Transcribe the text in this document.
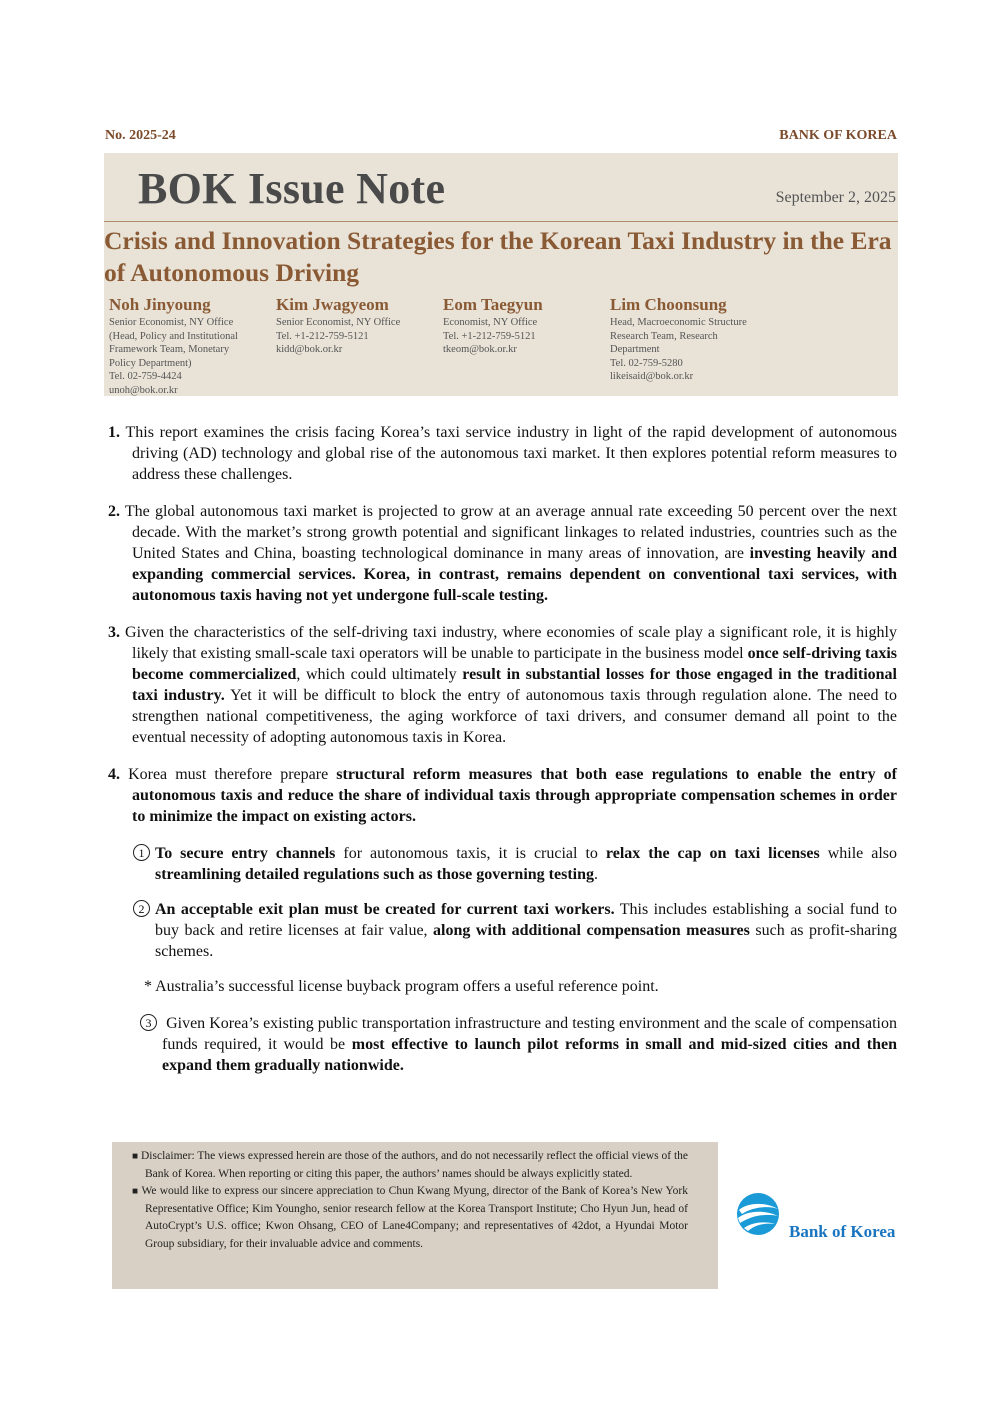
No. 2025-24	BANK OF KOREA
BOK Issue Note	September 2, 2025
Crisis and Innovation Strategies for the Korean Taxi Industry in the Era of Autonomous Driving
Noh Jinyoung
Senior Economist, NY Office
(Head, Policy and Institutional
Framework Team, Monetary
Policy Department)
Tel. 02-759-4424
unoh@bok.or.kr
Kim Jwagyeom
Senior Economist, NY Office
Tel. +1-212-759-5121
kidd@bok.or.kr
Eom Taegyun
Economist, NY Office
Tel. +1-212-759-5121
tkeom@bok.or.kr
Lim Choonsung
Head, Macroeconomic Structure
Research Team, Research
Department
Tel. 02-759-5280
likeisaid@bok.or.kr

1. This report examines the crisis facing Korea’s taxi service industry in light of the rapid development of autonomous driving (AD) technology and global rise of the autonomous taxi market. It then explores potential reform measures to address these challenges.

2. The global autonomous taxi market is projected to grow at an average annual rate exceeding 50 percent over the next decade. With the market’s strong growth potential and significant linkages to related industries, countries such as the United States and China, boasting technological dominance in many areas of innovation, are investing heavily and expanding commercial services. Korea, in contrast, remains dependent on conventional taxi services, with autonomous taxis having not yet undergone full-scale testing.

3. Given the characteristics of the self-driving taxi industry, where economies of scale play a significant role, it is highly likely that existing small-scale taxi operators will be unable to participate in the business model once self-driving taxis become commercialized, which could ultimately result in substantial losses for those engaged in the traditional taxi industry. Yet it will be difficult to block the entry of autonomous taxis through regulation alone. The need to strengthen national competitiveness, the aging workforce of taxi drivers, and consumer demand all point to the eventual necessity of adopting autonomous taxis in Korea.

4. Korea must therefore prepare structural reform measures that both ease regulations to enable the entry of autonomous taxis and reduce the share of individual taxis through appropriate compensation schemes in order to minimize the impact on existing actors.

1 To secure entry channels for autonomous taxis, it is crucial to relax the cap on taxi licenses while also streamlining detailed regulations such as those governing testing.

2 An acceptable exit plan must be created for current taxi workers. This includes establishing a social fund to buy back and retire licenses at fair value, along with additional compensation measures such as profit-sharing schemes.

* Australia’s successful license buyback program offers a useful reference point.

3 Given Korea’s existing public transportation infrastructure and testing environment and the scale of compensation funds required, it would be most effective to launch pilot reforms in small and mid-sized cities and then expand them gradually nationwide.

■ Disclaimer: The views expressed herein are those of the authors, and do not necessarily reflect the official views of the Bank of Korea. When reporting or citing this paper, the authors’ names should be always explicitly stated.

■ We would like to express our sincere appreciation to Chun Kwang Myung, director of the Bank of Korea’s New York Representative Office; Kim Youngho, senior research fellow at the Korea Transport Institute; Cho Hyun Jun, head of AutoCrypt’s U.S. office; Kwon Ohsang, CEO of Lane4Company; and representatives of 42dot, a Hyundai Motor Group subsidiary, for their invaluable advice and comments.

Bank of Korea
